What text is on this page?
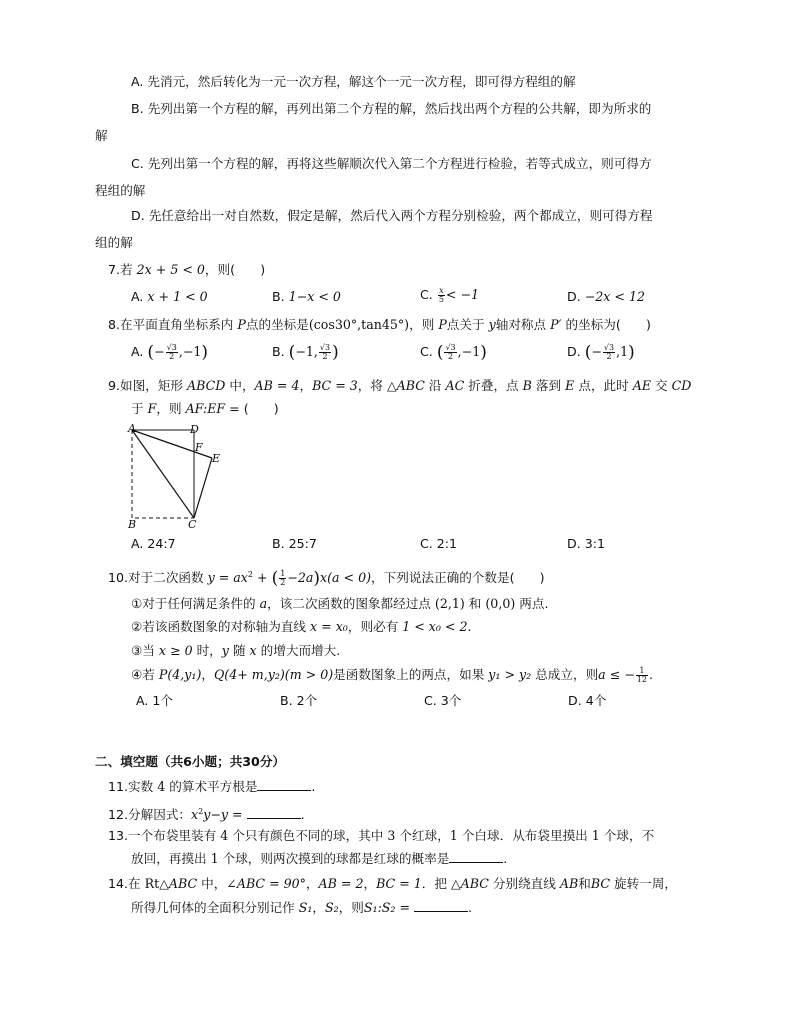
A. 先消元，然后转化为一元一次方程，解这个一元一次方程，即可得方程组的解
B. 先列出第一个方程的解，再列出第二个方程的解，然后找出两个方程的公共解，即为所求的
解
C. 先列出第一个方程的解，再将这些解顺次代入第二个方程进行检验，若等式成立，则可得方
程组的解
D. 先任意给出一对自然数，假定是解，然后代入两个方程分别检验，两个都成立，则可得方程
组的解
7.若 2x + 5 < 0，则(　　)
A. x + 1 < 0	B. 1−x < 0	C. $\frac{x}{5} < -1$	D. −2x < 12
8.在平面直角坐标系内 P点的坐标是(cos30°,tan45°)，则 P点关于 y轴对称点 P′ 的坐标为(　　)
A. (− $\frac{√3}{2} ,-1$)	B. (−1, $\frac{√3}{2}$ )	C. ( $\frac{√3}{2} ,-1$)	D. (− $\frac{√3}{2} ,1$)
9.如图，矩形 ABCD 中，AB = 4，BC = 3，将 △ABC 沿 AC 折叠，点 B 落到 E 点，此时 AE 交 CD
于 F，则 AF:EF = (　　)
A	D
F
E
B	C
A. 24:7	B. 25:7	C. 2:1	D. 3:1
10.对于二次函数 $y = ax^2$ + ( $\frac{1}{2} -2a)x(a < 0)$，下列说法正确的个数是(　　)
①对于任何满足条件的 a，该二次函数的图象都经过点 (2,1) 和 (0,0) 两点.
②若该函数图象的对称轴为直线 x = x₀，则必有 1 < x₀ < 2.
③当 x ≥ 0 时，y 随 x 的增大而增大.
④若 P(4,y₁)，Q(4+ m,y₂)(m > 0)是函数图象上的两点，如果 y₁ > y₂ 总成立，则a ≤ − $\frac{1}{12}$ .
A. 1个	B. 2个	C. 3个	D. 4个
二、填空题（共6小题；共30分）
11.实数 4 的算术平方根是	.
12.分解因式：$x^2y-y$ =	.
13.一个布袋里装有 4 个只有颜色不同的球，其中 3 个红球，1 个白球．从布袋里摸出 1 个球，不
放回，再摸出 1 个球，则两次摸到的球都是红球的概率是	.
14.在 Rt△ABC 中，∠ABC = 90°，AB = 2，BC = 1．把 △ABC 分别绕直线 AB和BC 旋转一周，
所得几何体的全面积分别记作 S₁，S₂，则S₁:S₂ =	.
